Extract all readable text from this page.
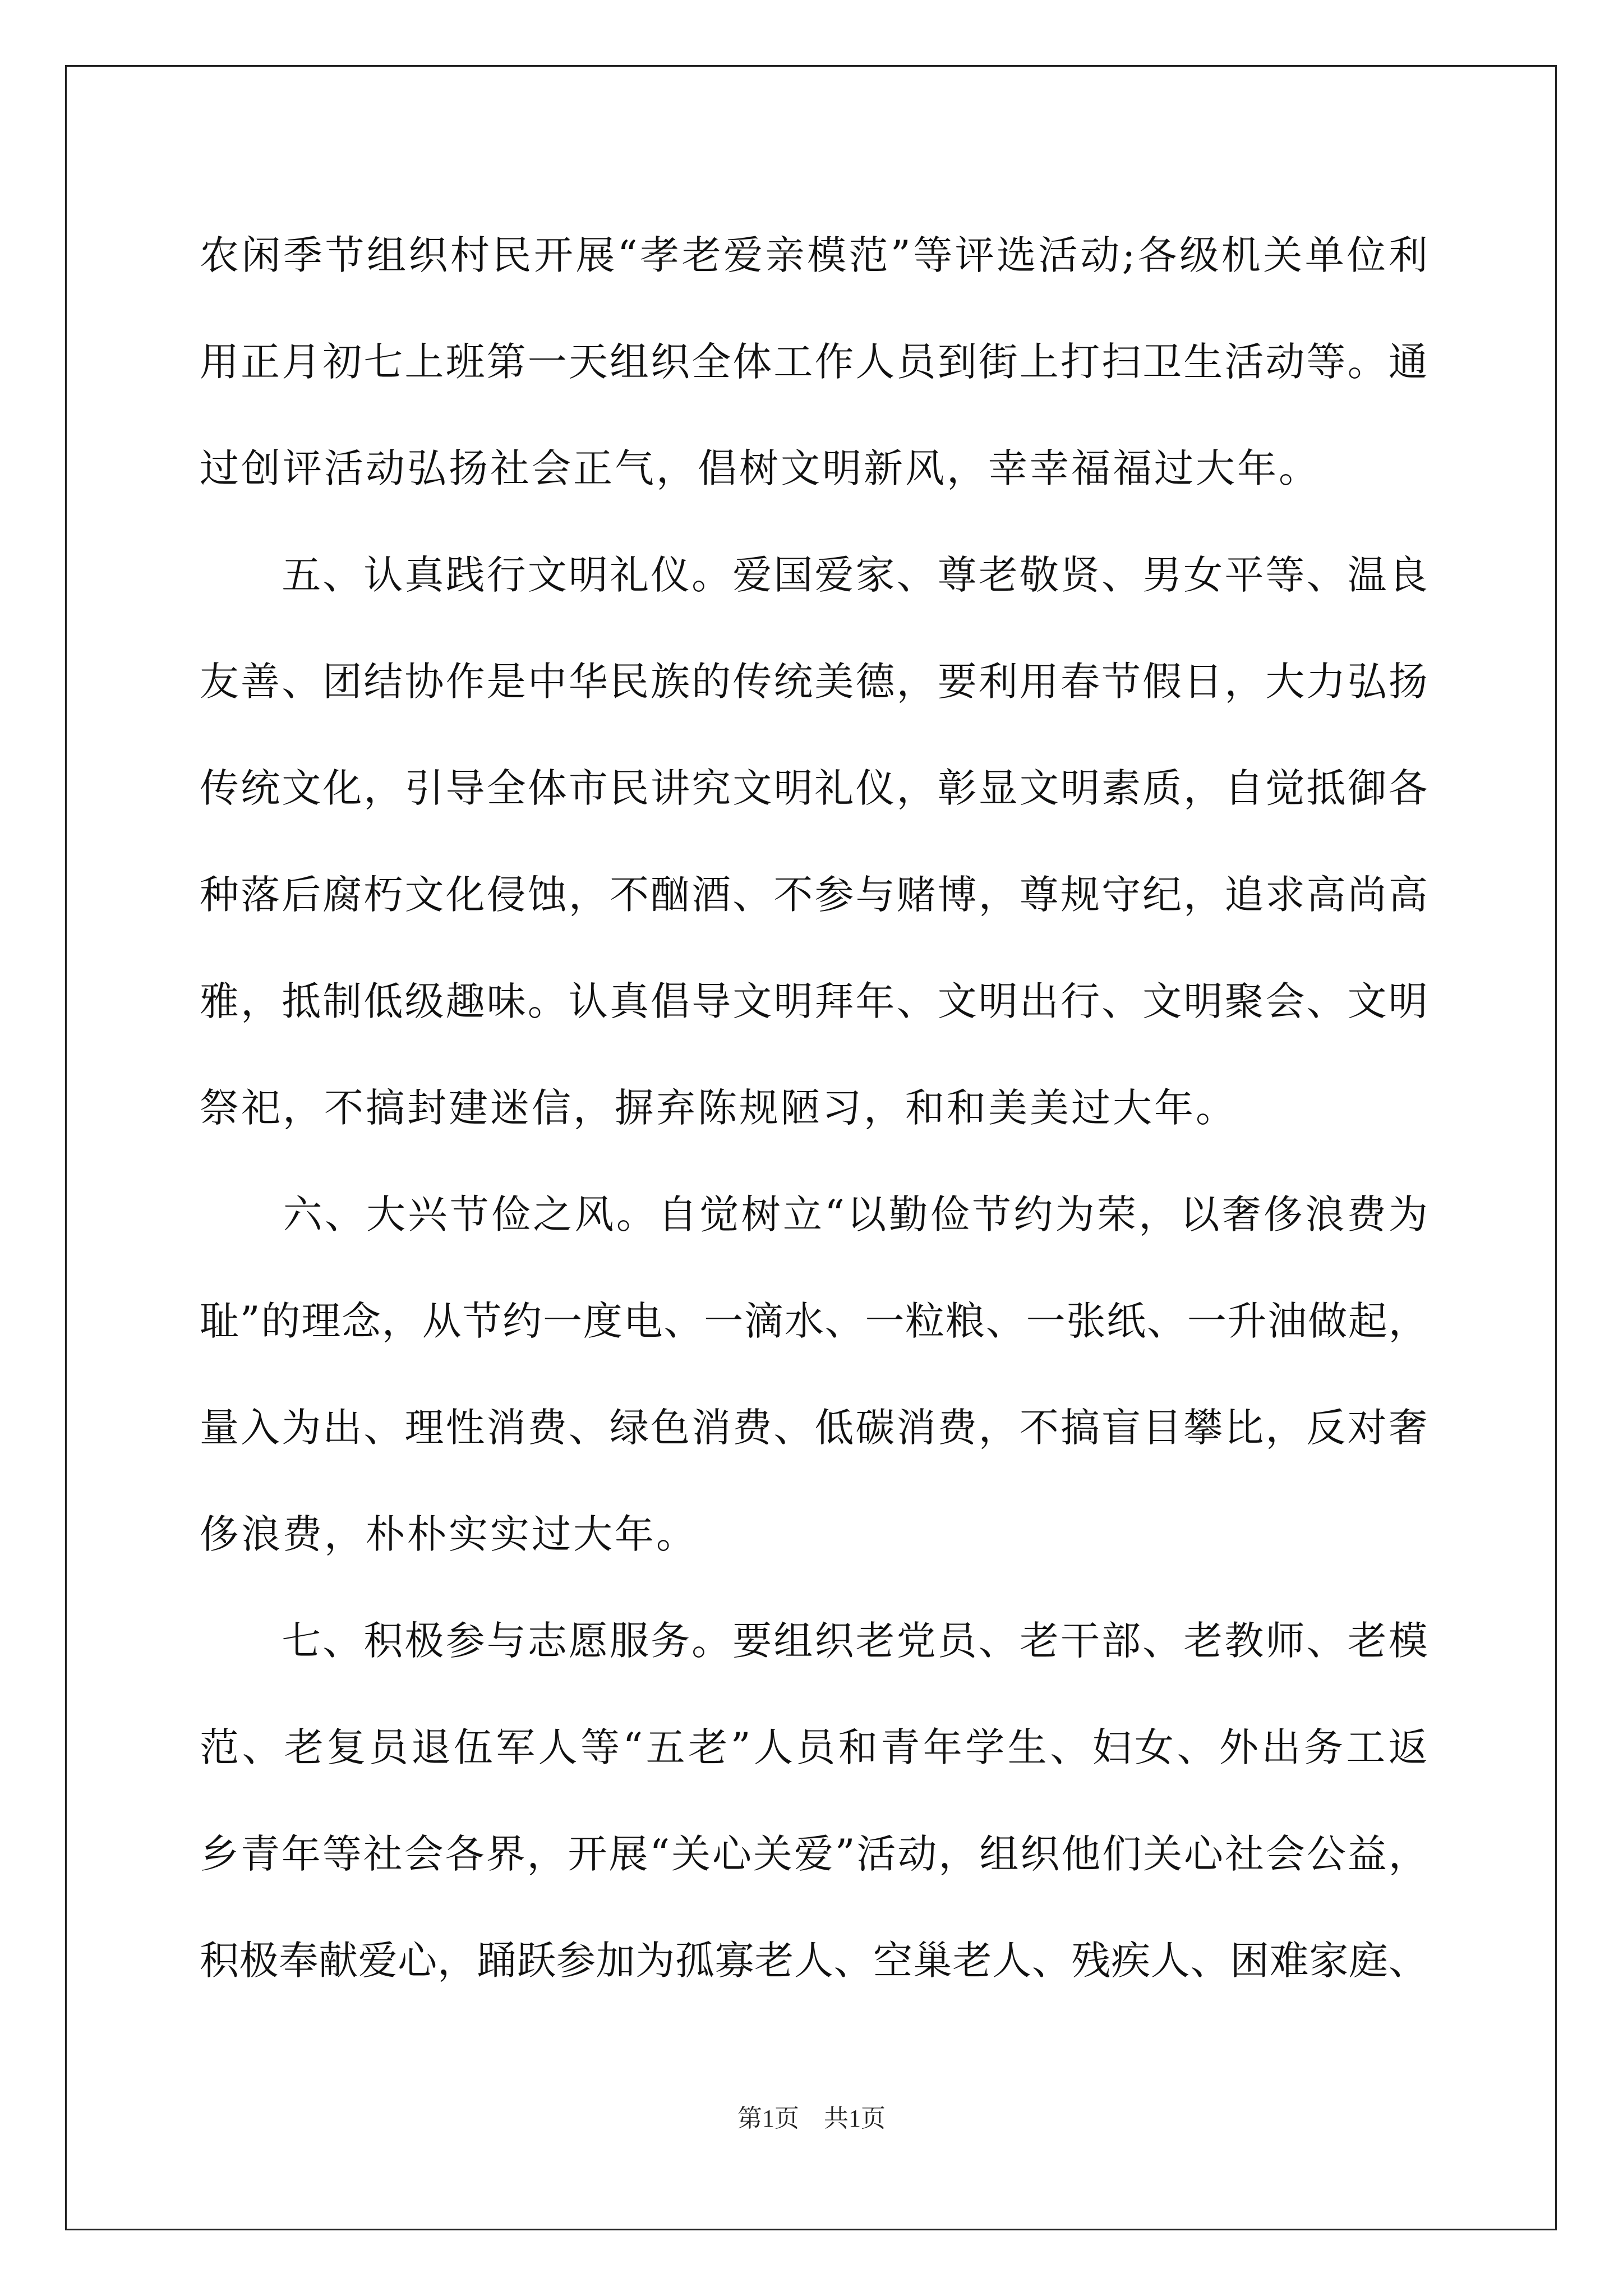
农 闲 季 节 组 织 村 民 开 展 “ 孝 老 爱 亲 模 范 ” 等 评 选 活 动 ; 各 级 机 关 单 位 利
用 正 月 初 七 上 班 第 一 天 组 织 全 体 工 作 人 员 到 街 上 打 扫 卫 生 活 动 等 。 通
过创评活动弘扬社会正气，倡树文明新风，幸幸福福过大年。

五 、 认 真 践 行 文 明 礼 仪 。 爱 国 爱 家 、 尊 老 敬 贤 、 男 女 平 等 、 温 良
友 善 、 团 结 协 作 是 中 华 民 族 的 传 统 美 德 ， 要 利 用 春 节 假 日 ， 大 力 弘 扬
传 统 文 化 ， 引 导 全 体 市 民 讲 究 文 明 礼 仪 ， 彰 显 文 明 素 质 ， 自 觉 抵 御 各
种 落 后 腐 朽 文 化 侵 蚀 ， 不 酗 酒 、 不 参 与 赌 博 ， 尊 规 守 纪 ， 追 求 高 尚 高
雅 ， 抵 制 低 级 趣 味 。 认 真 倡 导 文 明 拜 年 、 文 明 出 行 、 文 明 聚 会 、 文 明
祭祀，不搞封建迷信，摒弃陈规陋习，和和美美过大年。

六 、 大 兴 节 俭 之 风 。 自 觉 树 立 “ 以 勤 俭 节 约 为 荣 ， 以 奢 侈 浪 费 为
耻 ” 的 理 念 ， 从 节 约 一 度 电 、 一 滴 水 、 一 粒 粮 、 一 张 纸 、 一 升 油 做 起 ，
量 入 为 出 、 理 性 消 费 、 绿 色 消 费 、 低 碳 消 费 ， 不 搞 盲 目 攀 比 ， 反 对 奢
侈浪费，朴朴实实过大年。

七 、 积 极 参 与 志 愿 服 务 。 要 组 织 老 党 员 、 老 干 部 、 老 教 师 、 老 模
范 、 老 复 员 退 伍 军 人 等 “ 五 老 ” 人 员 和 青 年 学 生 、 妇 女 、 外 出 务 工 返
乡 青 年 等 社 会 各 界 ， 开 展 “ 关 心 关 爱 ” 活 动 ， 组 织 他 们 关 心 社 会 公 益 ，
积 极 奉 献 爱 心 ， 踊 跃 参 加 为 孤 寡 老 人 、 空 巢 老 人 、 残 疾 人 、 困 难 家 庭 、
第1页　共1页
